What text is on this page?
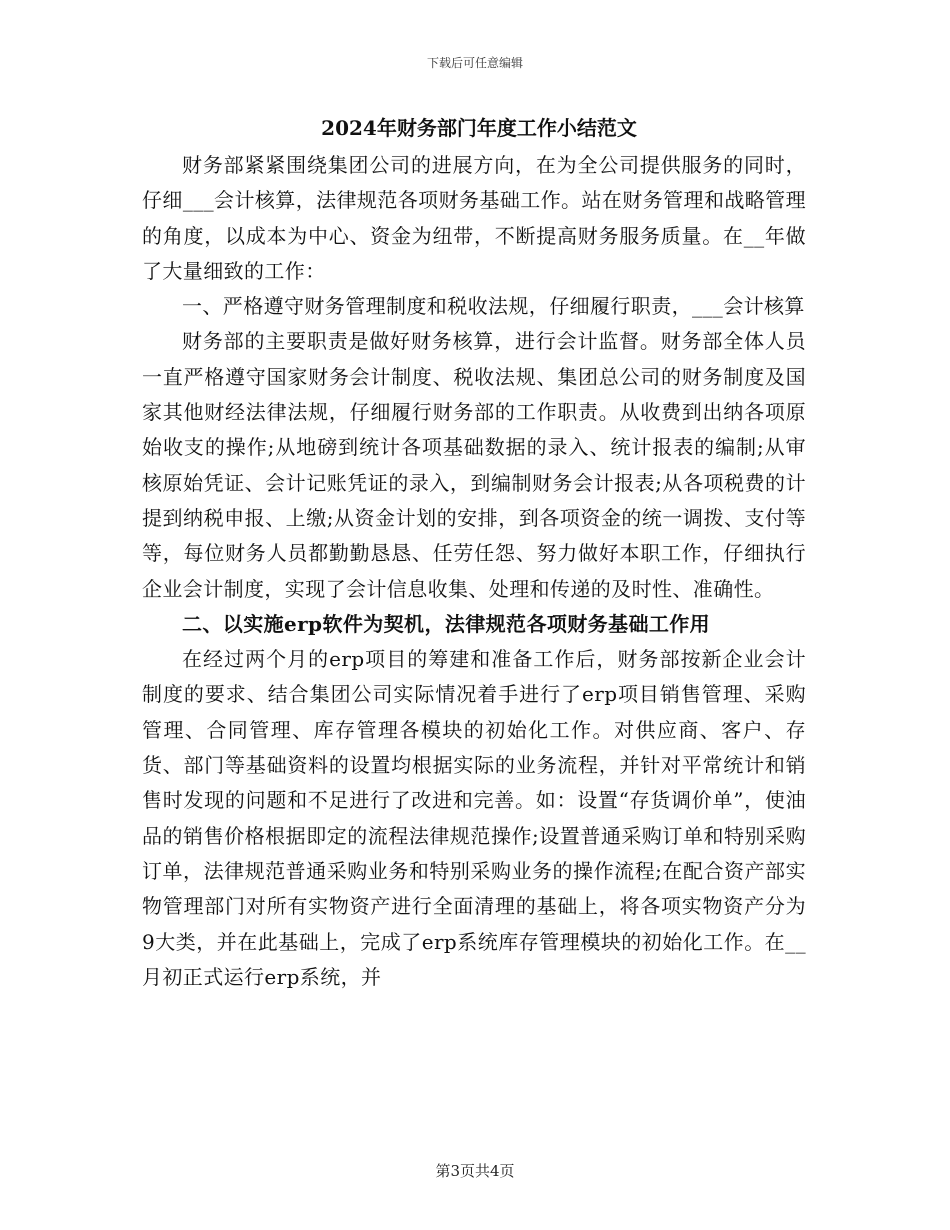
下载后可任意编辑
2024年财务部门年度工作小结范文

财务部紧紧围绕集团公司的进展方向，在为全公司提供服务的同时，仔细___会计核算，法律规范各项财务基础工作。站在财务管理和战略管理的角度，以成本为中心、资金为纽带，不断提高财务服务质量。在__年做了大量细致的工作：

一、严格遵守财务管理制度和税收法规，仔细履行职责，___会计核算

财务部的主要职责是做好财务核算，进行会计监督。财务部全体人员一直严格遵守国家财务会计制度、税收法规、集团总公司的财务制度及国家其他财经法律法规，仔细履行财务部的工作职责。从收费到出纳各项原始收支的操作;从地磅到统计各项基础数据的录入、统计报表的编制;从审核原始凭证、会计记账凭证的录入，到编制财务会计报表;从各项税费的计提到纳税申报、上缴;从资金计划的安排，到各项资金的统一调拨、支付等等，每位财务人员都勤勤恳恳、任劳任怨、努力做好本职工作，仔细执行企业会计制度，实现了会计信息收集、处理和传递的及时性、准确性。

二、以实施erp软件为契机，法律规范各项财务基础工作用

在经过两个月的erp项目的筹建和准备工作后，财务部按新企业会计制度的要求、结合集团公司实际情况着手进行了erp项目销售管理、采购管理、合同管理、库存管理各模块的初始化工作。对供应商、客户、存货、部门等基础资料的设置均根据实际的业务流程，并针对平常统计和销售时发现的问题和不足进行了改进和完善。如：设置“存货调价单”，使油品的销售价格根据即定的流程法律规范操作;设置普通采购订单和特别采购订单，法律规范普通采购业务和特别采购业务的操作流程;在配合资产部实物管理部门对所有实物资产进行全面清理的基础上，将各项实物资产分为9大类，并在此基础上，完成了erp系统库存管理模块的初始化工作。在__月初正式运行erp系统，并

第3页共4页
